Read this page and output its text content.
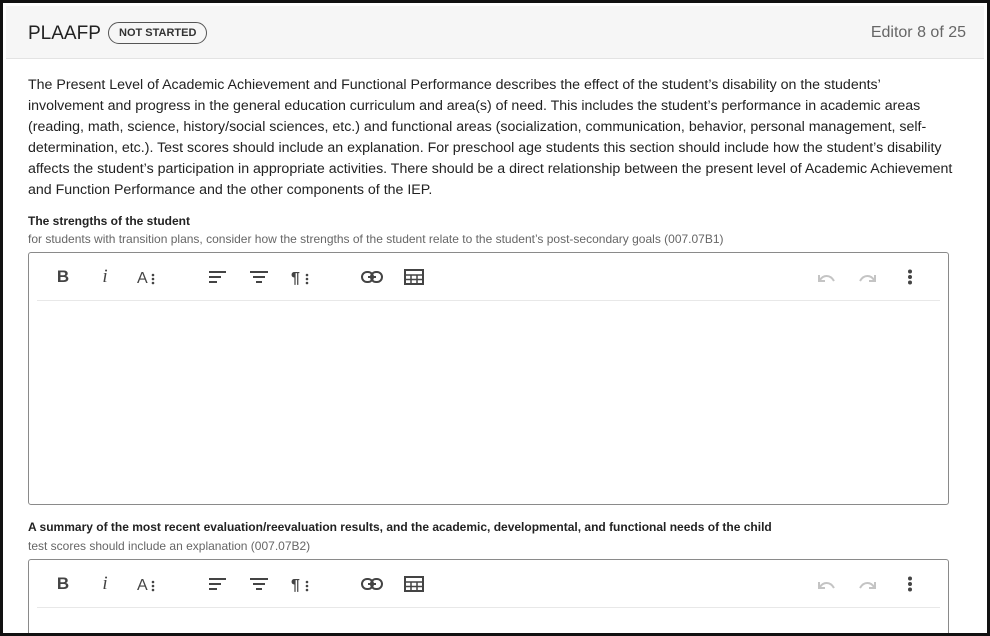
PLAAFP	NOT STARTED	Editor 8 of 25
The Present Level of Academic Achievement and Functional Performance describes the effect of the student’s disability on the students’ involvement and progress in the general education curriculum and area(s) of need. This includes the student’s performance in academic areas (reading, math, science, history/social sciences, etc.) and functional areas (socialization, communication, behavior, personal management, self-determination, etc.). Test scores should include an explanation. For preschool age students this section should include how the student’s disability affects the student’s participation in appropriate activities. There should be a direct relationship between the present level of Academic Achievement and Function Performance and the other components of the IEP.
The strengths of the student
for students with transition plans, consider how the strengths of the student relate to the student’s post-secondary goals (007.07B1)
B	i	A	¶
A summary of the most recent evaluation/reevaluation results, and the academic, developmental, and functional needs of the child
test scores should include an explanation (007.07B2)
B	i	A	¶
